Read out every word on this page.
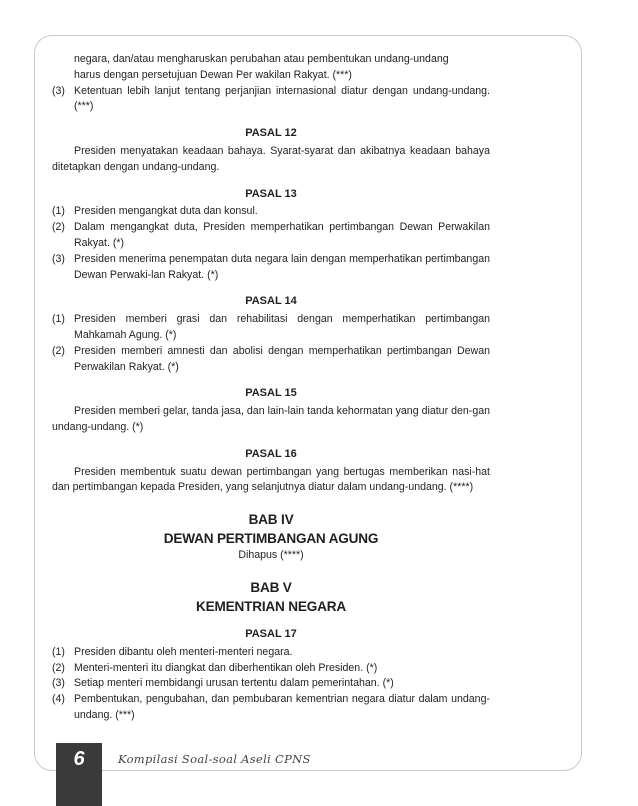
negara, dan/atau mengharuskan perubahan atau pembentukan undang-undang
harus dengan persetujuan Dewan Per wakilan Rakyat. (***)
(3) Ketentuan lebih lanjut tentang perjanjian internasional diatur dengan undang-undang. (***)
PASAL 12
Presiden menyatakan keadaan bahaya. Syarat-syarat dan akibatnya keadaan bahaya ditetapkan dengan undang-undang.
PASAL 13
(1) Presiden mengangkat duta dan konsul.
(2) Dalam mengangkat duta, Presiden memperhatikan pertimbangan Dewan Perwakilan Rakyat. (*)
(3) Presiden menerima penempatan duta negara lain dengan memperhatikan pertimbangan Dewan Perwaki-lan Rakyat. (*)
PASAL 14
(1) Presiden memberi grasi dan rehabilitasi dengan memperhatikan pertimbangan Mahkamah Agung. (*)
(2) Presiden memberi amnesti dan abolisi dengan memperhatikan pertimbangan Dewan Perwakilan Rakyat. (*)
PASAL 15
Presiden memberi gelar, tanda jasa, dan lain-lain tanda kehormatan yang diatur den-gan undang-undang. (*)
PASAL 16
Presiden membentuk suatu dewan pertimbangan yang bertugas memberikan nasi-hat dan pertimbangan kepada Presiden, yang selanjutnya diatur dalam undang-undang. (****)
BAB IV
DEWAN PERTIMBANGAN AGUNG
Dihapus (****)
BAB V
KEMENTRIAN NEGARA
PASAL 17
(1) Presiden dibantu oleh menteri-menteri negara.
(2) Menteri-menteri itu diangkat dan diberhentikan oleh Presiden. (*)
(3) Setiap menteri membidangi urusan tertentu dalam pemerintahan. (*)
(4) Pembentukan, pengubahan, dan pembubaran kementrian negara diatur dalam undang-undang. (***)
6	Kompilasi Soal-soal Aseli CPNS
